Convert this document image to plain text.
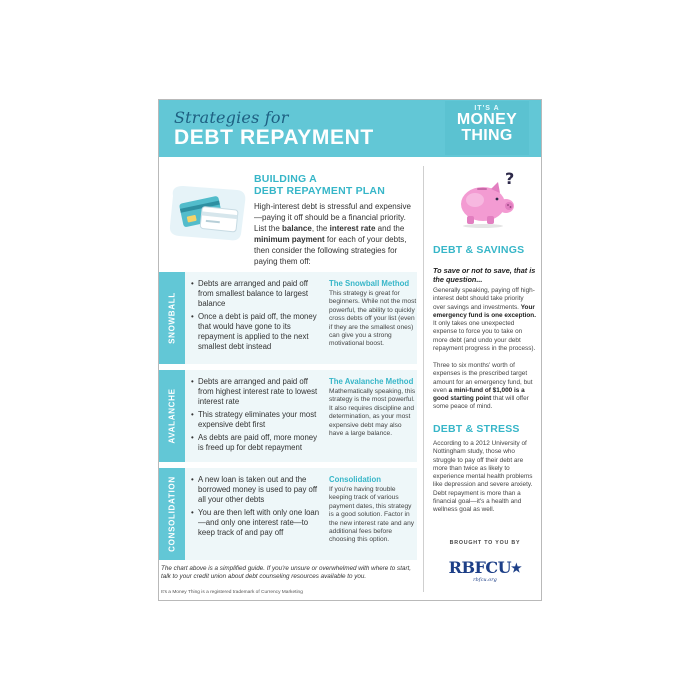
Strategies for
DEBT REPAYMENT
IT'S A
MONEY
THING
BUILDING A
DEBT REPAYMENT PLAN

High-interest debt is stressful and expensive—paying it off should be a financial priority. List the balance, the interest rate and the minimum payment for each of your debts, then consider the following strategies for paying them off:

SNOWBALL
• Debts are arranged and paid off from smallest balance to largest balance
• Once a debt is paid off, the money that would have gone to its repayment is applied to the next smallest debt instead
The Snowball Method
This strategy is great for beginners. While not the most powerful, the ability to quickly cross debts off your list (even if they are the smallest ones) can give you a strong motivational boost.
AVALANCHE
• Debts are arranged and paid off from highest interest rate to lowest interest rate
• This strategy eliminates your most expensive debt first
• As debts are paid off, more money is freed up for debt repayment
The Avalanche Method
Mathematically speaking, this strategy is the most powerful. It also requires discipline and determination, as your most expensive debt may also have a large balance.
CONSOLIDATION
•	A new loan is taken out and the borrowed money is used to pay off all your other debts
• You are then left with only one loan—and only one interest rate—to keep track of and pay off
Consolidation
If you're having trouble keeping track of various payment dates, this strategy is a good solution. Factor in the new interest rate and any additional fees before choosing this option.

The chart above is a simplified guide. If you're unsure or overwhelmed with where to start, talk to your credit union about debt counseling resources available to you.

It's a Money Thing is a registered trademark of Currency Marketing

?
DEBT & SAVINGS

To save or not to save, that is the question...

Generally speaking, paying off high-interest debt should take priority over savings and investments. Your emergency fund is one exception. It only takes one unexpected expense to force you to take on more debt (and undo your debt repayment progress in the process).

Three to six months' worth of expenses is the prescribed target amount for an emergency fund, but even a mini-fund of $1,000 is a good starting point that will offer some peace of mind.

DEBT & STRESS

According to a 2012 University of Nottingham study, those who struggle to pay off their debt are more than twice as likely to experience mental health problems like depression and severe anxiety. Debt repayment is more than a financial goal—it's a health and wellness goal as well.

BROUGHT TO YOU BY
RBFCU★
rbfcu.org
